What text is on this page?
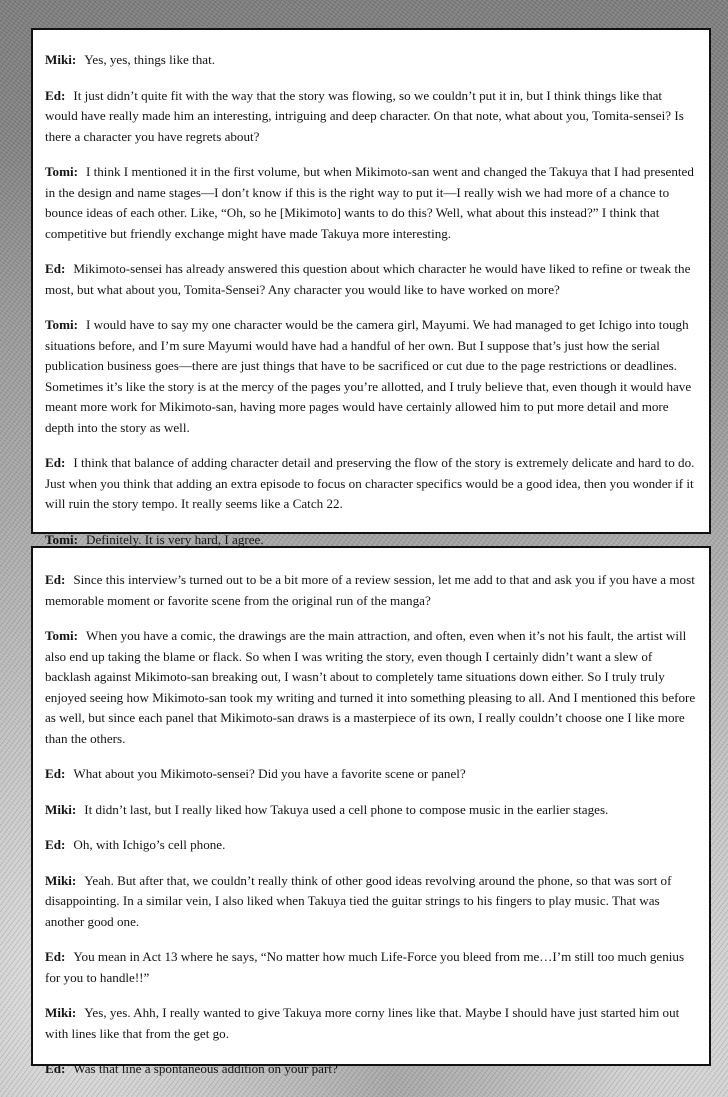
Miki: Yes, yes, things like that.

Ed: It just didn’t quite fit with the way that the story was flowing, so we couldn’t put it in, but I think things like that would have really made him an interesting, intriguing and deep character. On that note, what about you, Tomita-sensei? Is there a character you have regrets about?

Tomi: I think I mentioned it in the first volume, but when Mikimoto-san went and changed the Takuya that I had presented in the design and name stages—I don’t know if this is the right way to put it—I really wish we had more of a chance to bounce ideas of each other. Like, “Oh, so he [Mikimoto] wants to do this? Well, what about this instead?” I think that competitive but friendly exchange might have made Takuya more interesting.

Ed: Mikimoto-sensei has already answered this question about which character he would have liked to refine or tweak the most, but what about you, Tomita-Sensei? Any character you would like to have worked on more?

Tomi: I would have to say my one character would be the camera girl, Mayumi. We had managed to get Ichigo into tough situations before, and I’m sure Mayumi would have had a handful of her own. But I suppose that’s just how the serial publication business goes—there are just things that have to be sacrificed or cut due to the page restrictions or deadlines. Sometimes it’s like the story is at the mercy of the pages you’re allotted, and I truly believe that, even though it would have meant more work for Mikimoto-san, having more pages would have certainly allowed him to put more detail and more depth into the story as well.

Ed: I think that balance of adding character detail and preserving the flow of the story is extremely delicate and hard to do. Just when you think that adding an extra episode to focus on character specifics would be a good idea, then you wonder if it will ruin the story tempo. It really seems like a Catch 22.

Tomi: Definitely. It is very hard, I agree.

Ed: Since this interview’s turned out to be a bit more of a review session, let me add to that and ask you if you have a most memorable moment or favorite scene from the original run of the manga?

Tomi: When you have a comic, the drawings are the main attraction, and often, even when it’s not his fault, the artist will also end up taking the blame or flack. So when I was writing the story, even though I certainly didn’t want a slew of backlash against Mikimoto-san breaking out, I wasn’t about to completely tame situations down either. So I truly truly enjoyed seeing how Mikimoto-san took my writing and turned it into something pleasing to all. And I mentioned this before as well, but since each panel that Mikimoto-san draws is a masterpiece of its own, I really couldn’t choose one I like more than the others.

Ed: What about you Mikimoto-sensei? Did you have a favorite scene or panel?

Miki: It didn’t last, but I really liked how Takuya used a cell phone to compose music in the earlier stages.

Ed: Oh, with Ichigo’s cell phone.

Miki: Yeah. But after that, we couldn’t really think of other good ideas revolving around the phone, so that was sort of disappointing. In a similar vein, I also liked when Takuya tied the guitar strings to his fingers to play music. That was another good one.

Ed: You mean in Act 13 where he says, “No matter how much Life-Force you bleed from me…I’m still too much genius for you to handle!!”

Miki: Yes, yes. Ahh, I really wanted to give Takuya more corny lines like that. Maybe I should have just started him out with lines like that from the get go.

Ed: Was that line a spontaneous addition on your part?
